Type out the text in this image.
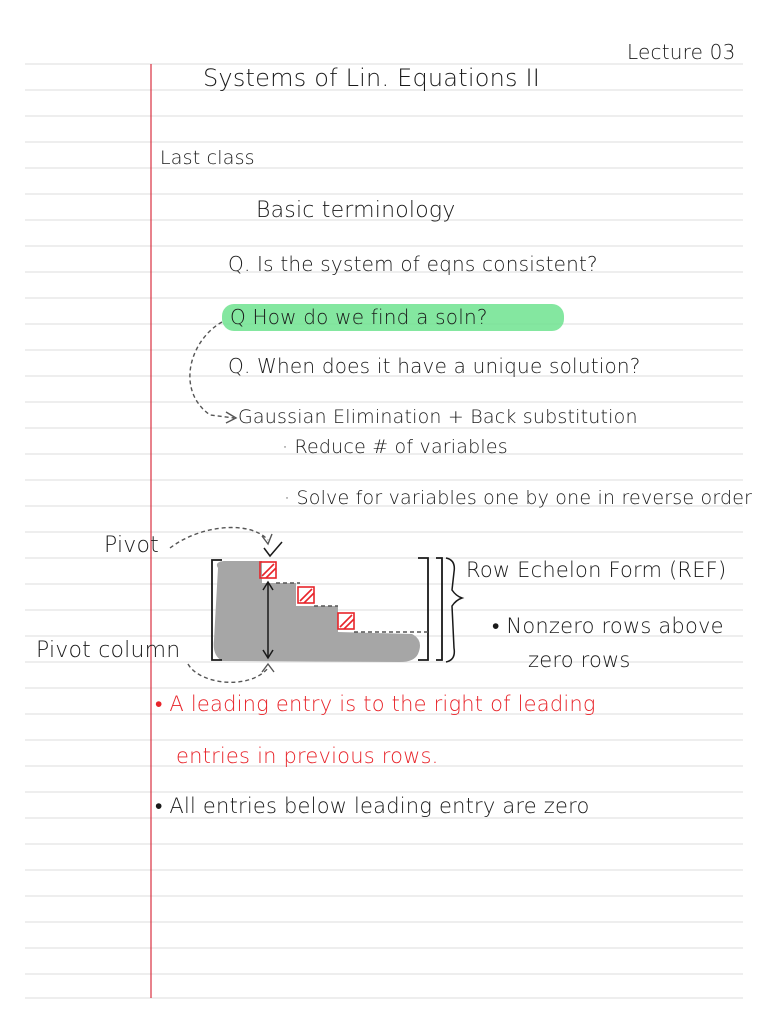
Lecture 03
Systems of Lin. Equations II
Last class
Basic terminology
Q. Is the system of eqns consistent?
Q How do we find a soln?
Q. When does it have a unique solution?
Gaussian Elimination + Back substitution
· Reduce # of variables
· Solve for variables one by one in reverse order
Pivot
Pivot column
Row Echelon Form (REF)
• Nonzero rows above
zero rows
• A leading entry is to the right of leading
entries in previous rows.
• All entries below leading entry are zero
